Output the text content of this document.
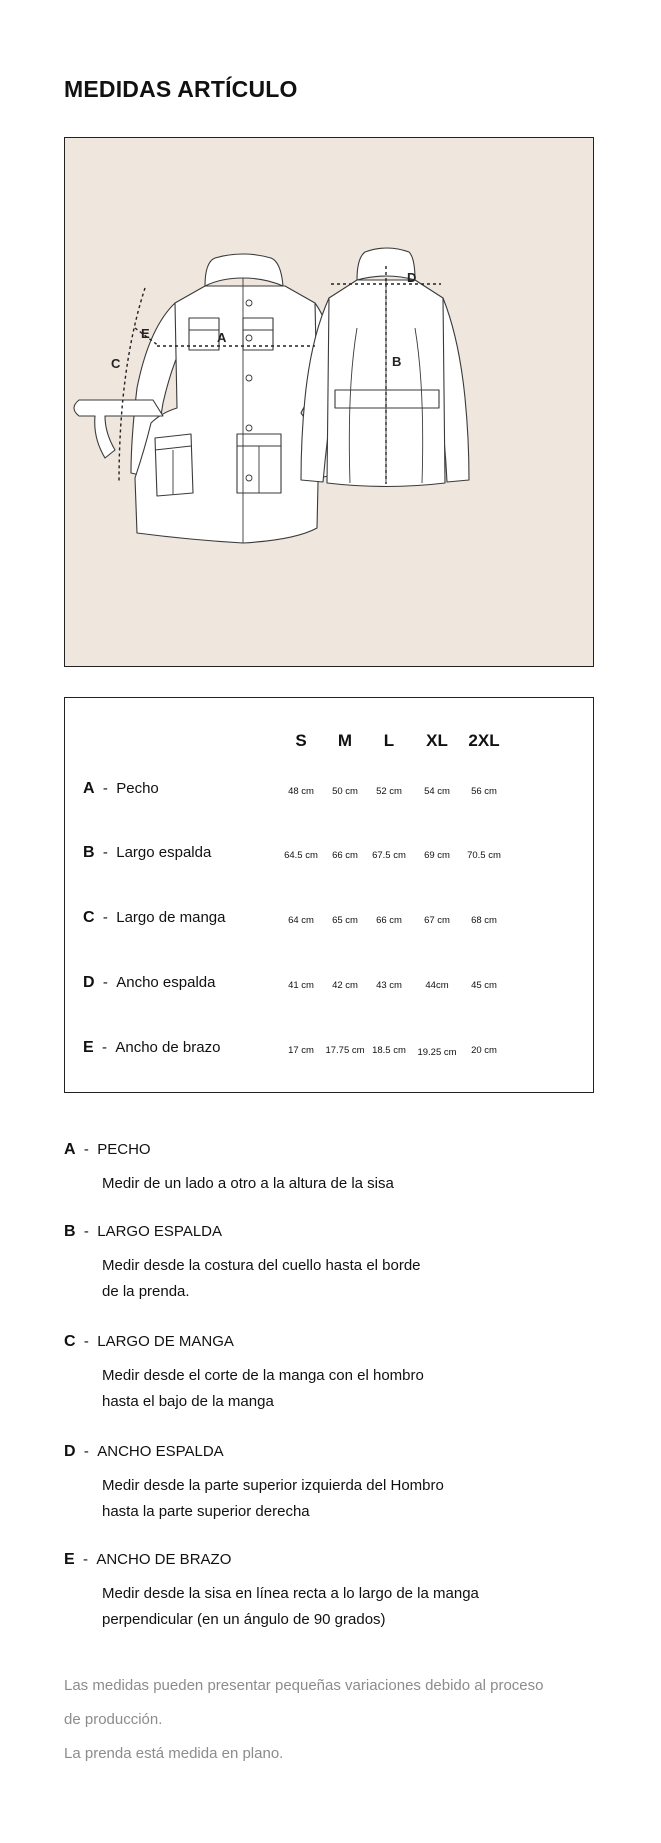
MEDIDAS ARTÍCULO
A
B
C
D
E
S	M	L	XL	2XL
A  -  Pecho	48 cm	50 cm	52 cm	54 cm	56 cm
B  -  Largo espalda	64.5 cm	66 cm	67.5 cm	69 cm	70.5 cm
C  -  Largo de manga	64 cm	65 cm	66 cm	67 cm	68 cm
D  -  Ancho espalda	41 cm	42 cm	43 cm	44cm	45 cm
E  -  Ancho de brazo	17 cm	17.75 cm 18.5 cm	19.25 cm	20 cm
A  -  PECHO
Medir de un lado a otro a la altura de la sisa
B  -  LARGO ESPALDA
Medir desde la costura del cuello hasta el borde
de la prenda.
C  -  LARGO DE MANGA
Medir desde el corte de la manga con el hombro
hasta el bajo de la manga
D  -  ANCHO ESPALDA
Medir desde la parte superior izquierda del Hombro
hasta la parte superior derecha
E  -  ANCHO DE BRAZO
Medir desde la sisa en línea recta a lo largo de la manga
perpendicular (en un ángulo de 90 grados)
Las medidas pueden presentar pequeñas variaciones debido al proceso
de producción.
La prenda está medida en plano.
